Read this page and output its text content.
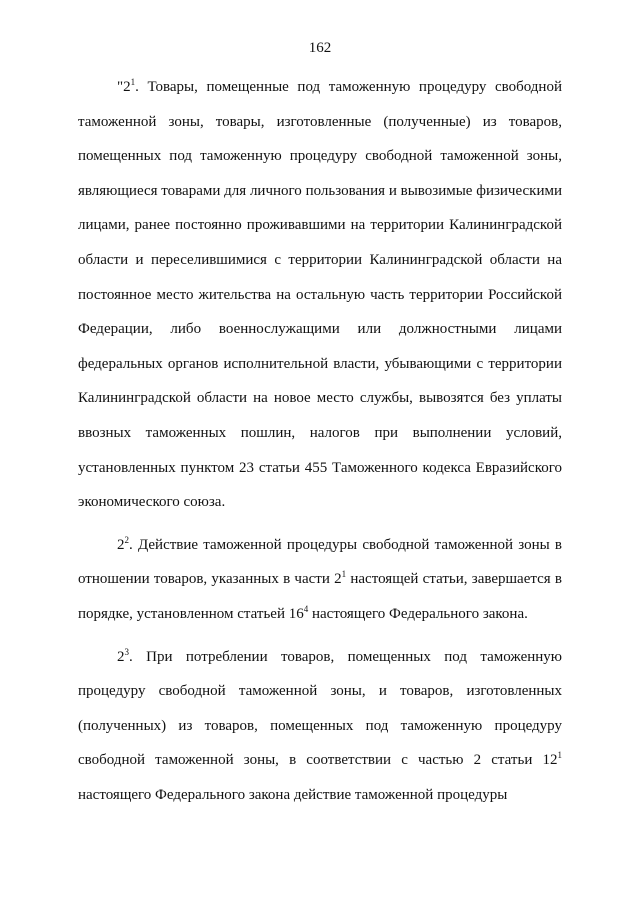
162

"$2^1$. Товары, помещенные под таможенную процедуру свободной таможенной зоны, товары, изготовленные (полученные) из товаров, помещенных под таможенную процедуру свободной таможенной зоны, являющиеся товарами для личного пользования и вывозимые физическими лицами, ранее постоянно проживавшими на территории Калининградской области и переселившимися с территории Калининградской области на постоянное место жительства на остальную часть территории Российской Федерации, либо военнослужащими или должностными лицами федеральных органов исполнительной власти, убывающими с территории Калининградской области на новое место службы, вывозятся без уплаты ввозных таможенных пошлин, налогов при выполнении условий, установленных пунктом 23 статьи 455 Таможенного кодекса Евразийского экономического союза.

$2^2$. Действие таможенной процедуры свободной таможенной зоны в отношении товаров, указанных в части $2^1$ настоящей статьи, завершается в порядке, установленном статьей $16^4$ настоящего Федерального закона.

$2^3$. При потреблении товаров, помещенных под таможенную процедуру свободной таможенной зоны, и товаров, изготовленных (полученных) из товаров, помещенных под таможенную процедуру свободной таможенной зоны, в соответствии с частью 2 статьи $12^1$ настоящего Федерального закона действие таможенной процедуры
